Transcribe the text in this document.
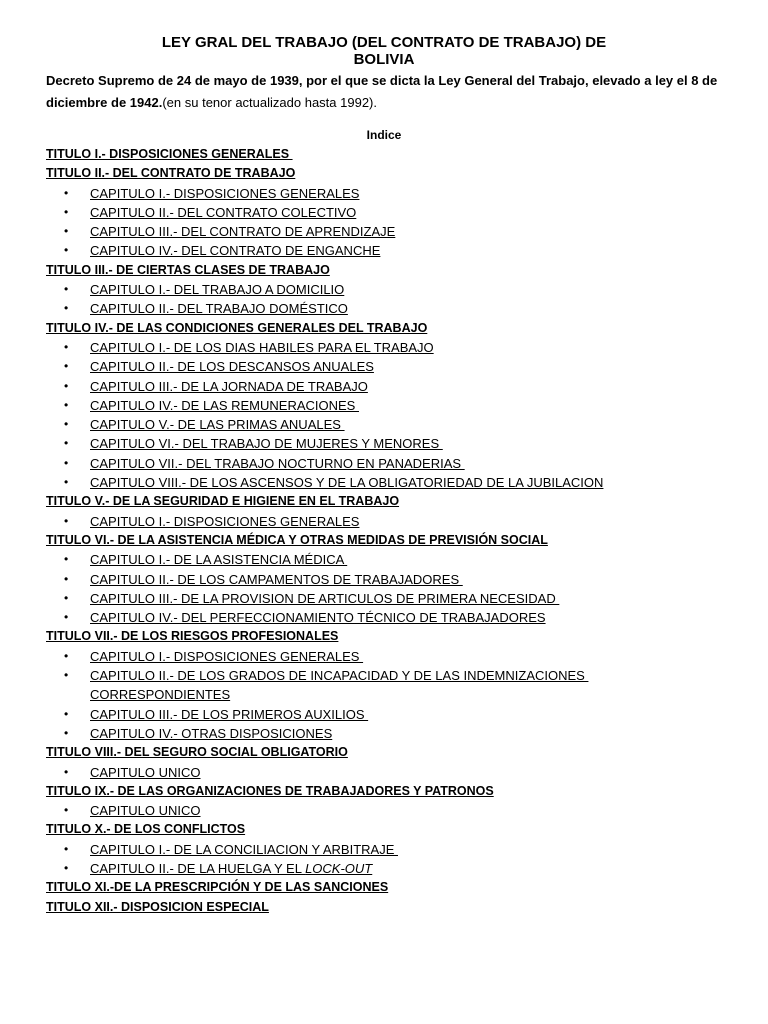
LEY GRAL DEL TRABAJO (DEL CONTRATO DE TRABAJO) DE
BOLIVIA

Decreto Supremo de 24 de mayo de 1939, por el que se dicta la Ley General del Trabajo, elevado a ley el 8 de diciembre de 1942.(en su tenor actualizado hasta 1992).

Indice
TITULO I.- DISPOSICIONES GENERALES
TITULO II.- DEL CONTRATO DE TRABAJO
• CAPITULO I.- DISPOSICIONES GENERALES
• CAPITULO II.- DEL CONTRATO COLECTIVO
• CAPITULO III.- DEL CONTRATO DE APRENDIZAJE
• CAPITULO IV.- DEL CONTRATO DE ENGANCHE
TITULO III.- DE CIERTAS CLASES DE TRABAJO
• CAPITULO I.- DEL TRABAJO A DOMICILIO
• CAPITULO II.- DEL TRABAJO DOMÉSTICO
TITULO IV.- DE LAS CONDICIONES GENERALES DEL TRABAJO
• CAPITULO I.- DE LOS DIAS HABILES PARA EL TRABAJO
• CAPITULO II.- DE LOS DESCANSOS ANUALES
• CAPITULO III.- DE LA JORNADA DE TRABAJO
• CAPITULO IV.- DE LAS REMUNERACIONES
• CAPITULO V.- DE LAS PRIMAS ANUALES
• CAPITULO VI.- DEL TRABAJO DE MUJERES Y MENORES
• CAPITULO VII.- DEL TRABAJO NOCTURNO EN PANADERIAS
• CAPITULO VIII.- DE LOS ASCENSOS Y DE LA OBLIGATORIEDAD DE LA JUBILACION
TITULO V.- DE LA SEGURIDAD E HIGIENE EN EL TRABAJO
• CAPITULO I.- DISPOSICIONES GENERALES
TITULO VI.- DE LA ASISTENCIA MÉDICA Y OTRAS MEDIDAS DE PREVISIÓN SOCIAL
• CAPITULO I.- DE LA ASISTENCIA MÉDICA
• CAPITULO II.- DE LOS CAMPAMENTOS DE TRABAJADORES
• CAPITULO III.- DE LA PROVISION DE ARTICULOS DE PRIMERA NECESIDAD
• CAPITULO IV.- DEL PERFECCIONAMIENTO TÉCNICO DE TRABAJADORES
TITULO VII.- DE LOS RIESGOS PROFESIONALES
• CAPITULO I.- DISPOSICIONES GENERALES
• CAPITULO II.- DE LOS GRADOS DE INCAPACIDAD Y DE LAS INDEMNIZACIONES
CORRESPONDIENTES
• CAPITULO III.- DE LOS PRIMEROS AUXILIOS
• CAPITULO IV.- OTRAS DISPOSICIONES
TITULO VIII.- DEL SEGURO SOCIAL OBLIGATORIO
• CAPITULO UNICO
TITULO IX.- DE LAS ORGANIZACIONES DE TRABAJADORES Y PATRONOS
• CAPITULO UNICO
TITULO X.- DE LOS CONFLICTOS
• CAPITULO I.- DE LA CONCILIACION Y ARBITRAJE
• CAPITULO II.- DE LA HUELGA Y EL LOCK-OUT
TITULO XI.-DE LA PRESCRIPCIÓN Y DE LAS SANCIONES
TITULO XII.- DISPOSICION ESPECIAL
